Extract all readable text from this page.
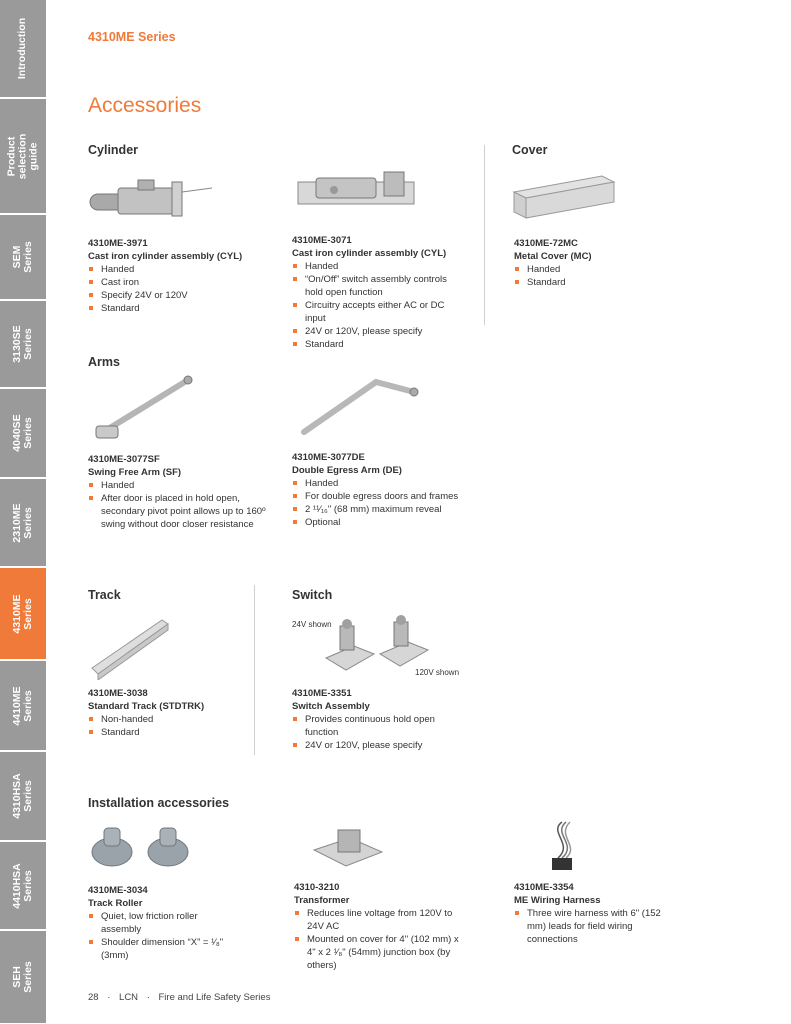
Introduction
Product selection guide
SEM Series
3130SE Series
4040SE Series
2310ME Series
4310ME Series
4410ME Series
4310HSA Series
4410HSA Series
SEH Series
4310ME Series
Accessories
Cylinder	Cover
Arms
Track	Switch
Installation accessories
24V shown
120V shown
4310ME-3971
Cast iron cylinder assembly (CYL)
Handed
Cast iron
Specify 24V or 120V
Standard
4310ME-3071
Cast iron cylinder assembly (CYL)
Handed
“On/Off” switch assembly controls hold open function
Circuitry accepts either AC or DC input
24V or 120V, please specify
Standard
4310ME-72MC
Metal Cover (MC)
Handed
Standard
4310ME-3077SF
Swing Free Arm (SF)
Handed
After door is placed in hold open, secondary pivot point allows up to 160º swing without door closer resistance
4310ME-3077DE
Double Egress Arm (DE)
Handed
For double egress doors and frames
2 ¹¹⁄₁₆" (68 mm) maximum reveal
Optional
4310ME-3038
Standard Track (STDTRK)
Non-handed
Standard
4310ME-3351
Switch Assembly
Provides continuous hold open function
24V or 120V, please specify
4310ME-3034
Track Roller
Quiet, low friction roller assembly
Shoulder dimension “X” = ¹⁄₈" (3mm)
4310-3210
Transformer
Reduces line voltage from 120V to 24V AC
Mounted on cover for 4" (102 mm) x 4" x 2 ¹⁄₈" (54mm) junction box (by others)
4310ME-3354
ME Wiring Harness
Three wire harness with 6" (152 mm) leads for field wiring connections
28 · LCN · Fire and Life Safety Series
